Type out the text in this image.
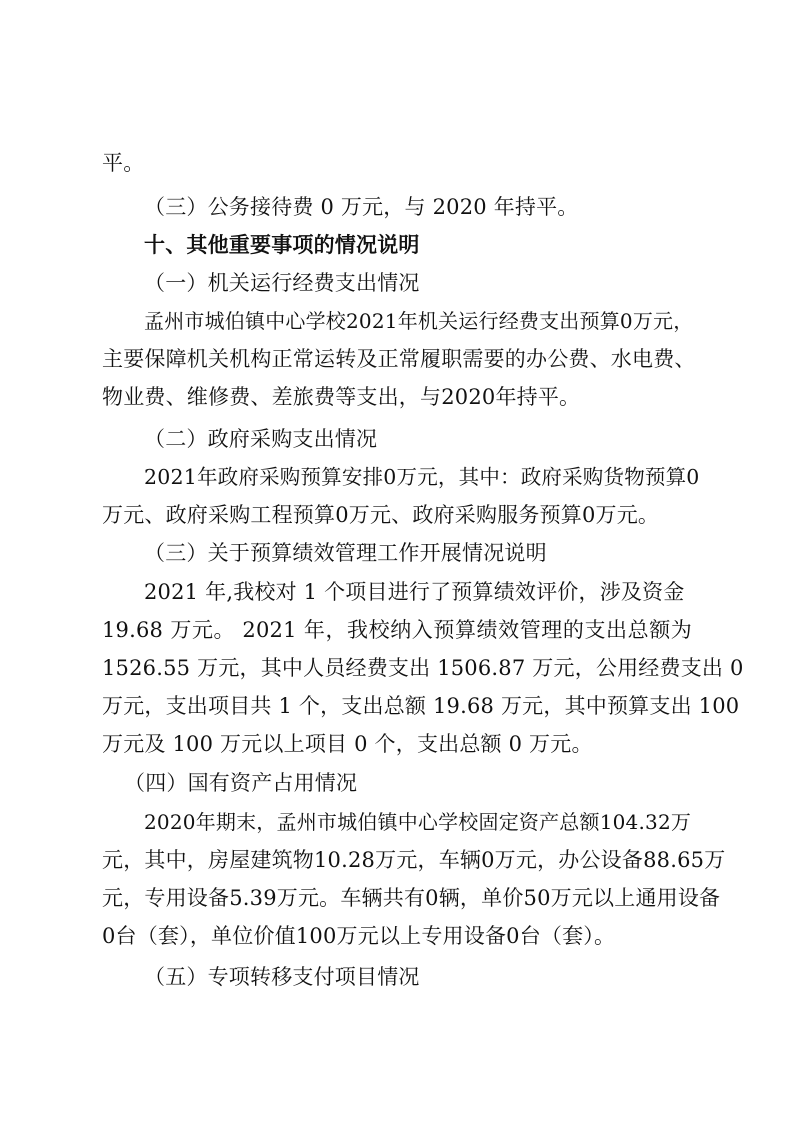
平。
（三）公务接待费 0 万元，与 2020 年持平。
十、其他重要事项的情况说明
（一）机关运行经费支出情况
孟州市城伯镇中心学校2021年机关运行经费支出预算0万元，
主要保障机关机构正常运转及正常履职需要的办公费、水电费、
物业费、维修费、差旅费等支出，与2020年持平。
（二）政府采购支出情况
2021年政府采购预算安排0万元，其中：政府采购货物预算0
万元、政府采购工程预算0万元、政府采购服务预算0万元。
（三）关于预算绩效管理工作开展情况说明
2021 年,我校对 1 个项目进行了预算绩效评价，涉及资金
19.68 万元。 2021 年，我校纳入预算绩效管理的支出总额为
1526.55 万元，其中人员经费支出 1506.87 万元，公用经费支出 0
万元，支出项目共 1 个，支出总额 19.68 万元，其中预算支出 100
万元及 100 万元以上项目 0 个，支出总额 0 万元。
（四）国有资产占用情况
2020年期末，孟州市城伯镇中心学校固定资产总额104.32万
元，其中，房屋建筑物10.28万元，车辆0万元，办公设备88.65万
元，专用设备5.39万元。车辆共有0辆，单价50万元以上通用设备
0台（套），单位价值100万元以上专用设备0台（套）。
（五）专项转移支付项目情况
